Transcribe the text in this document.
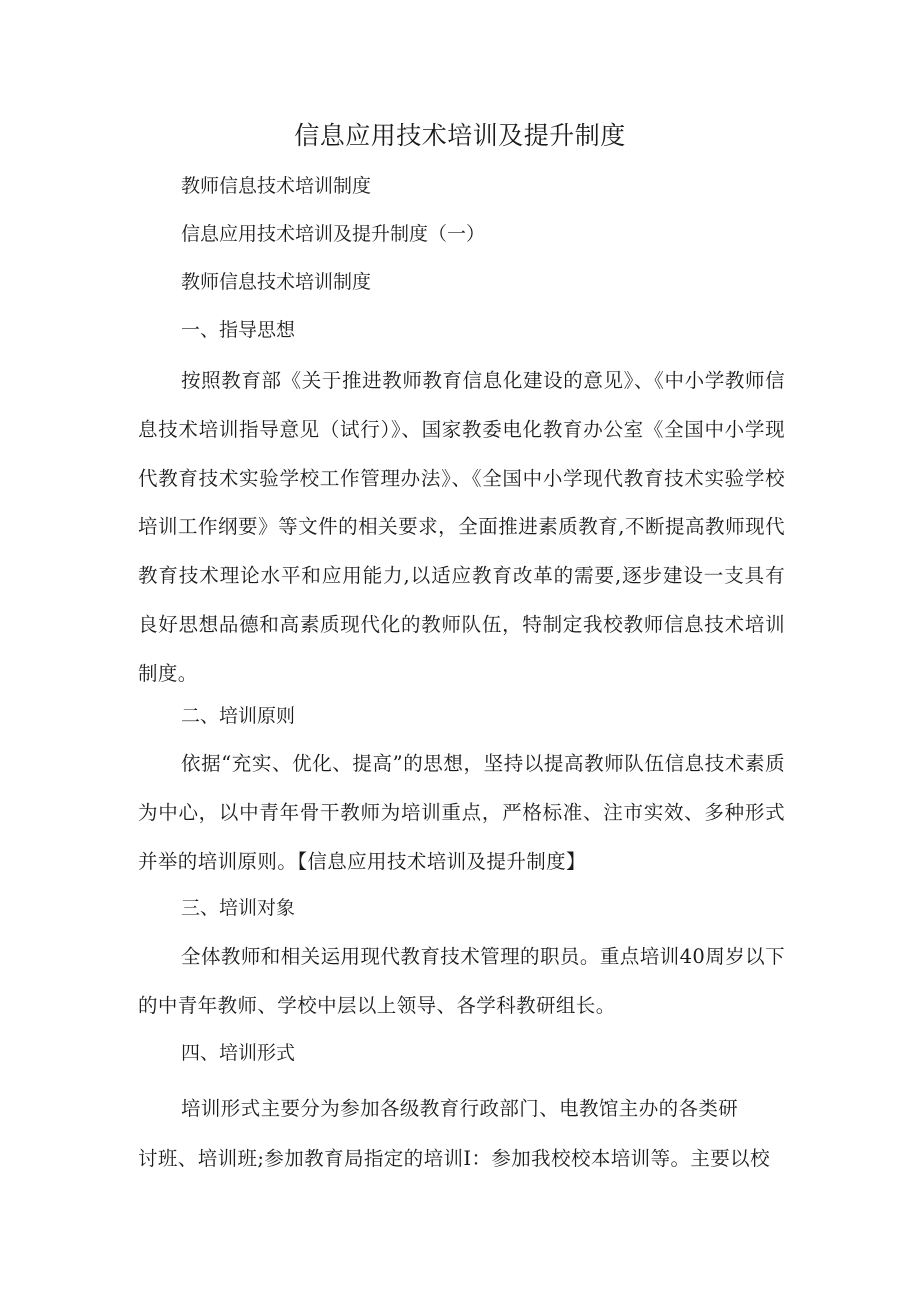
信息应用技术培训及提升制度
教师信息技术培训制度
信息应用技术培训及提升制度（一）
教师信息技术培训制度
一、指导思想
按照教育部《关于推进教师教育信息化建设的意见》、《中小学教师信息技术培训指导意见（试行）》、国家教委电化教育办公室《全国中小学现代教育技术实验学校工作管理办法》、《全国中小学现代教育技术实验学校培训工作纲要》等文件的相关要求，全面推进素质教育,不断提高教师现代教育技术理论水平和应用能力,以适应教育改革的需要,逐步建设一支具有良好思想品德和高素质现代化的教师队伍，特制定我校教师信息技术培训制度。
二、培训原则
依据“充实、优化、提高”的思想，坚持以提高教师队伍信息技术素质为中心，以中青年骨干教师为培训重点，严格标准、注市实效、多种形式并举的培训原则。【信息应用技术培训及提升制度】
三、培训对象
全体教师和相关运用现代教育技术管理的职员。重点培训40周岁以下的中青年教师、学校中层以上领导、各学科教研组长。
四、培训形式
培训形式主要分为参加各级教育行政部门、电教馆主办的各类研
讨班、培训班;参加教育局指定的培训I：参加我校校本培训等。主要以校
